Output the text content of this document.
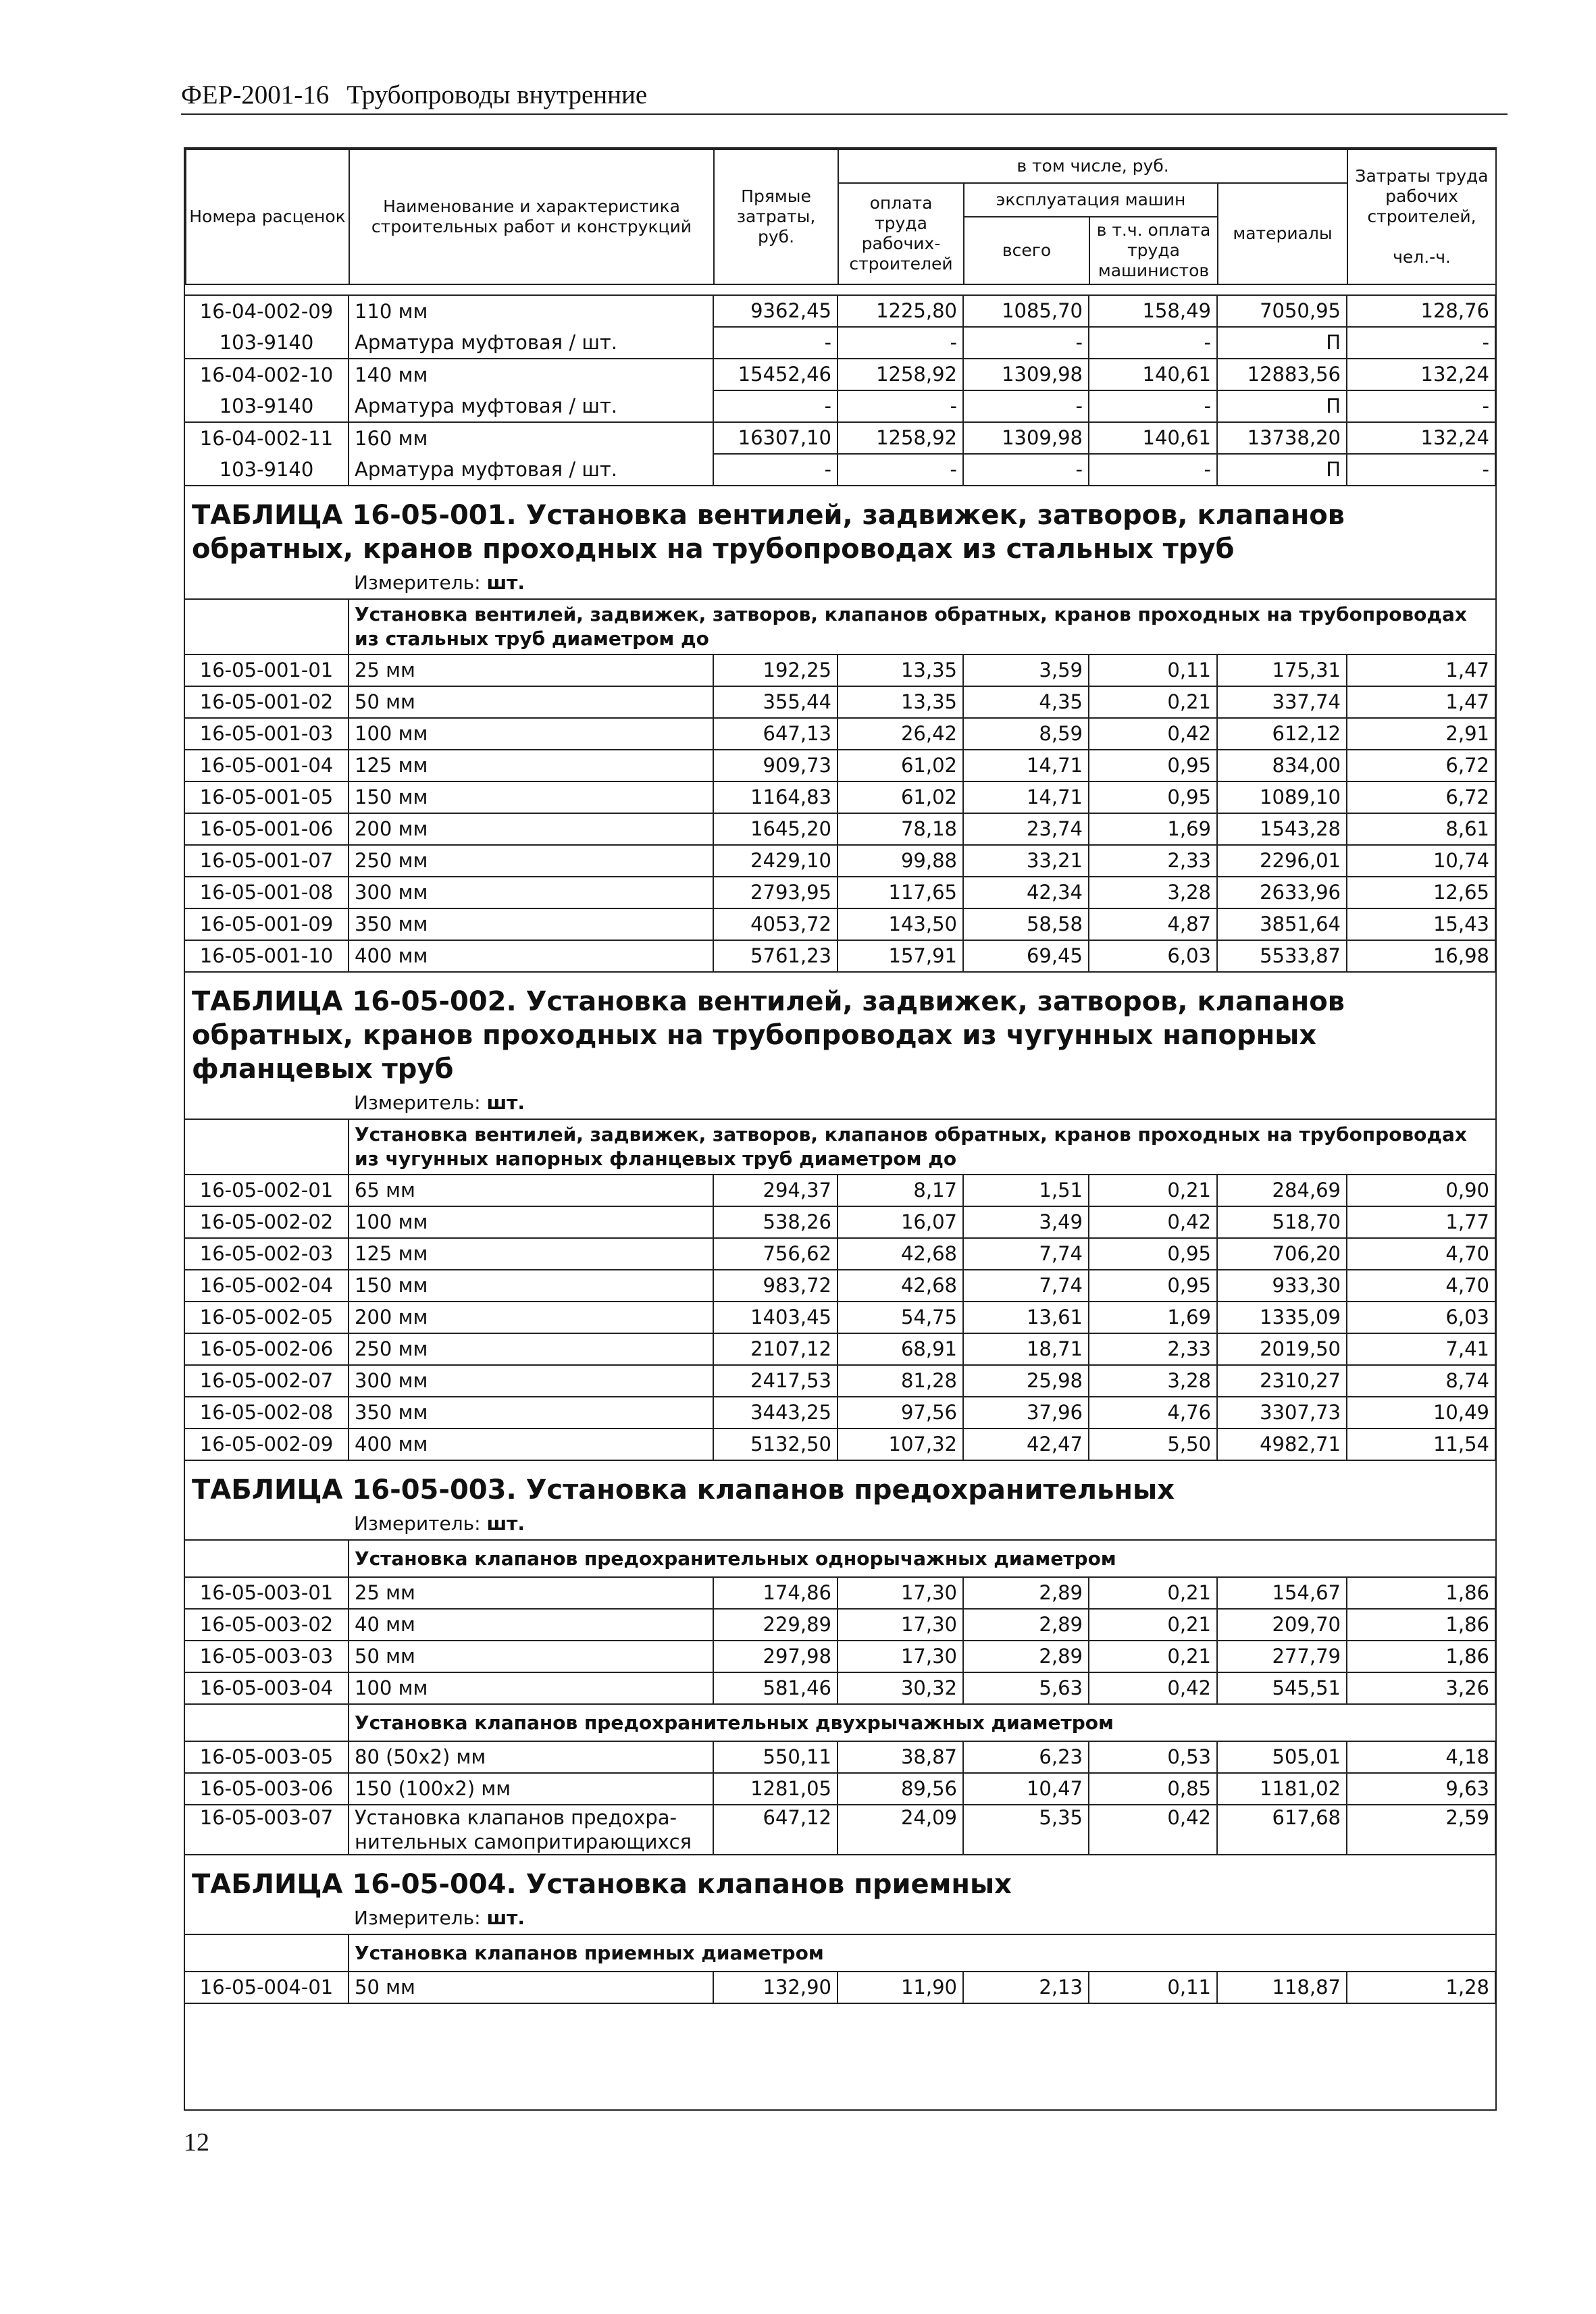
ФЕР-2001-16 Трубопроводы внутренние
Номера расценок	Наименование и характеристика строительных работ и конструкций	Прямые затраты, руб.	в том числе, руб.				Затраты труда рабочих строителей,

чел.-ч.
			оплата труда рабочих-строителей	эксплуатация машин		материалы	
				всего	в т.ч. оплата труда машинистов		

16-04-002-09	110 мм	9362,45	1225,80	1085,70	158,49	7050,95	128,76
103-9140	Арматура муфтовая / шт.	-	-	-	-	П	-
16-04-002-10	140 мм	15452,46	1258,92	1309,98	140,61	12883,56	132,24
103-9140	Арматура муфтовая / шт.	-	-	-	-	П	-
16-04-002-11	160 мм	16307,10	1258,92	1309,98	140,61	13738,20	132,24
103-9140	Арматура муфтовая / шт.	-	-	-	-	П	-
ТАБЛИЦА 16-05-001. Установка вентилей, задвижек, затворов, клапанов обратных, кранов проходных на трубопроводах из стальных труб							
Измеритель: шт.							
	Установка вентилей, задвижек, затворов, клапанов обратных, кранов проходных на трубопроводах из стальных труб диаметром до						
16-05-001-01	25 мм	192,25	13,35	3,59	0,11	175,31	1,47
16-05-001-02	50 мм	355,44	13,35	4,35	0,21	337,74	1,47
16-05-001-03	100 мм	647,13	26,42	8,59	0,42	612,12	2,91
16-05-001-04	125 мм	909,73	61,02	14,71	0,95	834,00	6,72
16-05-001-05	150 мм	1164,83	61,02	14,71	0,95	1089,10	6,72
16-05-001-06	200 мм	1645,20	78,18	23,74	1,69	1543,28	8,61
16-05-001-07	250 мм	2429,10	99,88	33,21	2,33	2296,01	10,74
16-05-001-08	300 мм	2793,95	117,65	42,34	3,28	2633,96	12,65
16-05-001-09	350 мм	4053,72	143,50	58,58	4,87	3851,64	15,43
16-05-001-10	400 мм	5761,23	157,91	69,45	6,03	5533,87	16,98
ТАБЛИЦА 16-05-002. Установка вентилей, задвижек, затворов, клапанов обратных, кранов проходных на трубопроводах из чугунных напорных фланцевых труб							
Измеритель: шт.							
	Установка вентилей, задвижек, затворов, клапанов обратных, кранов проходных на трубопроводах из чугунных напорных фланцевых труб диаметром до						
16-05-002-01	65 мм	294,37	8,17	1,51	0,21	284,69	0,90
16-05-002-02	100 мм	538,26	16,07	3,49	0,42	518,70	1,77
16-05-002-03	125 мм	756,62	42,68	7,74	0,95	706,20	4,70
16-05-002-04	150 мм	983,72	42,68	7,74	0,95	933,30	4,70
16-05-002-05	200 мм	1403,45	54,75	13,61	1,69	1335,09	6,03
16-05-002-06	250 мм	2107,12	68,91	18,71	2,33	2019,50	7,41
16-05-002-07	300 мм	2417,53	81,28	25,98	3,28	2310,27	8,74
16-05-002-08	350 мм	3443,25	97,56	37,96	4,76	3307,73	10,49
16-05-002-09	400 мм	5132,50	107,32	42,47	5,50	4982,71	11,54
ТАБЛИЦА 16-05-003. Установка клапанов предохранительных							
Измеритель: шт.							
	Установка клапанов предохранительных однорычажных диаметром						
16-05-003-01	25 мм	174,86	17,30	2,89	0,21	154,67	1,86
16-05-003-02	40 мм	229,89	17,30	2,89	0,21	209,70	1,86
16-05-003-03	50 мм	297,98	17,30	2,89	0,21	277,79	1,86
16-05-003-04	100 мм	581,46	30,32	5,63	0,42	545,51	3,26
	Установка клапанов предохранительных двухрычажных диаметром						
16-05-003-05	80 (50х2) мм	550,11	38,87	6,23	0,53	505,01	4,18
16-05-003-06	150 (100х2) мм	1281,05	89,56	10,47	0,85	1181,02	9,63
16-05-003-07	Установка клапанов предохра-нительных самопритирающихся	647,12	24,09	5,35	0,42	617,68	2,59
ТАБЛИЦА 16-05-004. Установка клапанов приемных							
Измеритель: шт.							
	Установка клапанов приемных диаметром						
16-05-004-01	50 мм	132,90	11,90	2,13	0,11	118,87	1,28
12
